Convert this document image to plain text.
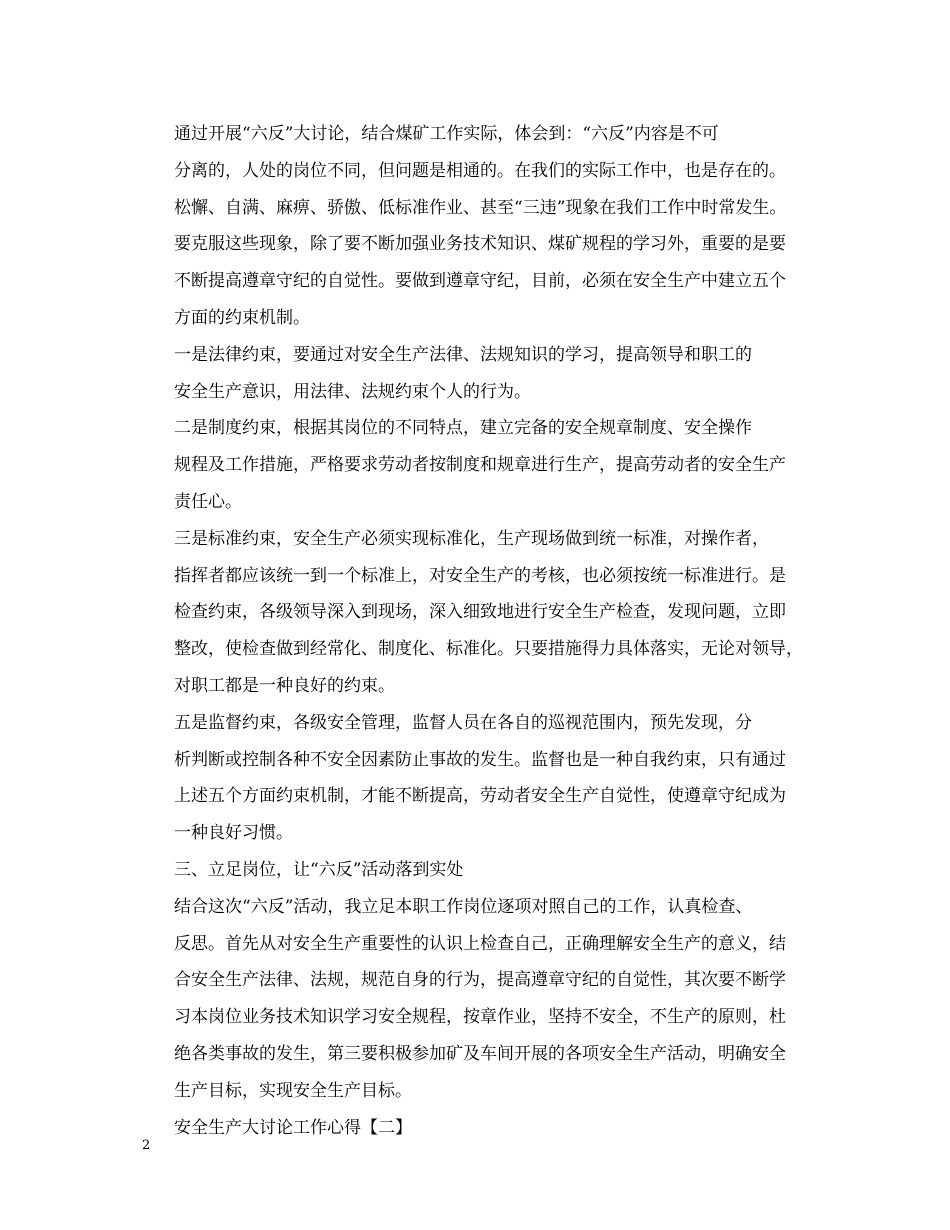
通过开展“六反”大讨论，结合煤矿工作实际，体会到：“六反”内容是不可
分离的，人处的岗位不同，但问题是相通的。在我们的实际工作中，也是存在的。
松懈、自满、麻痹、骄傲、低标准作业、甚至“三违”现象在我们工作中时常发生。
要克服这些现象，除了要不断加强业务技术知识、煤矿规程的学习外，重要的是要
不断提高遵章守纪的自觉性。要做到遵章守纪，目前，必须在安全生产中建立五个
方面的约束机制。

一是法律约束，要通过对安全生产法律、法规知识的学习，提高领导和职工的
安全生产意识，用法律、法规约束个人的行为。

二是制度约束，根据其岗位的不同特点，建立完备的安全规章制度、安全操作
规程及工作措施，严格要求劳动者按制度和规章进行生产，提高劳动者的安全生产
责任心。

三是标准约束，安全生产必须实现标准化，生产现场做到统一标准，对操作者，
指挥者都应该统一到一个标准上，对安全生产的考核，也必须按统一标准进行。是
检查约束，各级领导深入到现场，深入细致地进行安全生产检查，发现问题，立即
整改，使检查做到经常化、制度化、标准化。只要措施得力具体落实，无论对领导，
对职工都是一种良好的约束。

五是监督约束，各级安全管理，监督人员在各自的巡视范围内，预先发现，分
析判断或控制各种不安全因素防止事故的发生。监督也是一种自我约束，只有通过
上述五个方面约束机制，才能不断提高，劳动者安全生产自觉性，使遵章守纪成为
一种良好习惯。

三、立足岗位，让“六反”活动落到实处

结合这次“六反”活动，我立足本职工作岗位逐项对照自己的工作，认真检查、
反思。首先从对安全生产重要性的认识上检查自己，正确理解安全生产的意义，结
合安全生产法律、法规，规范自身的行为，提高遵章守纪的自觉性，其次要不断学
习本岗位业务技术知识学习安全规程，按章作业，坚持不安全，不生产的原则，杜
绝各类事故的发生，第三要积极参加矿及车间开展的各项安全生产活动，明确安全
生产目标，实现安全生产目标。

安全生产大讨论工作心得【二】

2
